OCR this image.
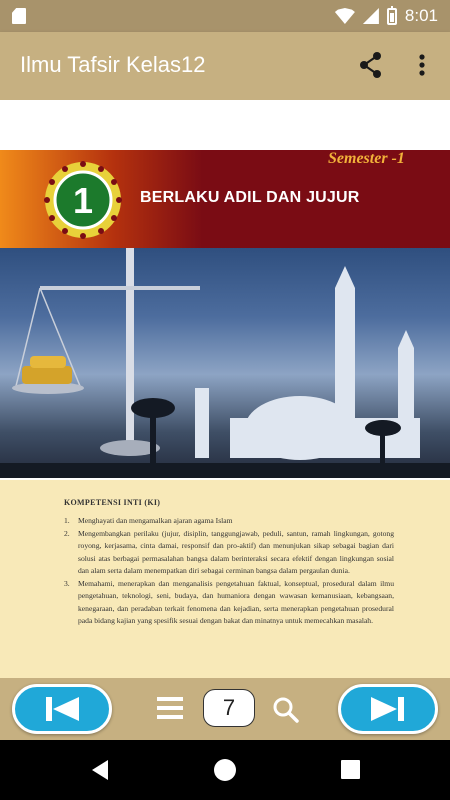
8:01
Ilmu Tafsir Kelas12
Semester -1
1	BERLAKU ADIL DAN JUJUR
KOMPETENSI INTI (KI)
1. Menghayati dan mengamalkan ajaran agama Islam
2. Mengembangkan perilaku (jujur, disiplin, tanggungjawab, peduli, santun, ramah lingkungan, gotong royong, kerjasama, cinta damai, responsif dan pro-aktif) dan menunjukan sikap sebagai bagian dari solusi atas berbagai permasalahan bangsa dalam berinteraksi secara efektif dengan lingkungan sosial dan alam serta dalam menempatkan diri sebagai cerminan bangsa dalam pergaulan dunia.
3. Memahami, menerapkan dan menganalisis pengetahuan faktual, konseptual, prosedural dalam ilmu pengetahuan, teknologi, seni, budaya, dan humaniora dengan wawasan kemanusiaan, kebangsaan, kenegaraan, dan peradaban terkait fenomena dan kejadian, serta menerapkan pengetahuan prosedural pada bidang kajian yang spesifik sesuai dengan bakat dan minatnya untuk memecahkan masalah.
7
